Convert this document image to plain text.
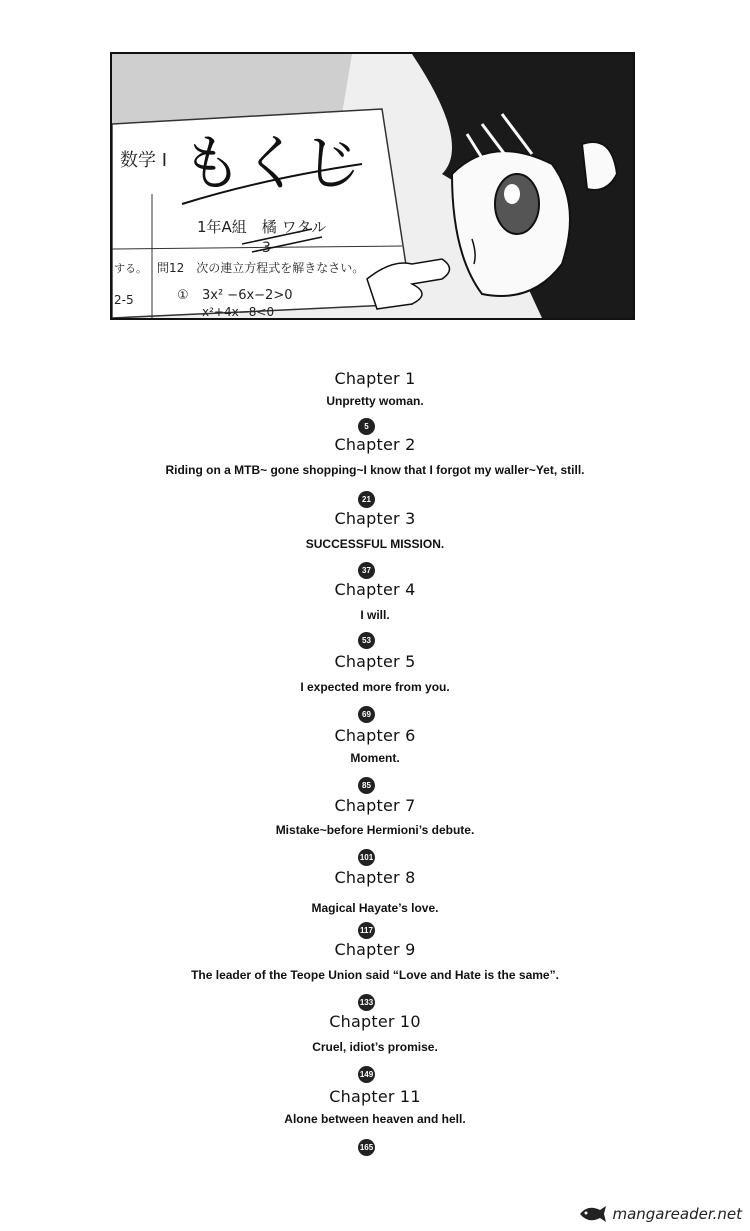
もくじ
数学 I
1年A組　橘 ワタル
3
問12　次の連立方程式を解きなさい。
する。
2-5	① 3x² −6x−2>0
x²+4x−8<0
Chapter 1
Unpretty woman.
5
Chapter 2
Riding on a MTB~ gone shopping~I know that I forgot my waller~Yet, still.
21
Chapter 3
SUCCESSFUL MISSION.
37
Chapter 4
I will.
53
Chapter 5
I expected more from you.
69
Chapter 6
Moment.
85
Chapter 7
Mistake~before Hermioni’s debute.
101
Chapter 8
Magical Hayate’s love.
117
Chapter 9
The leader of the Teope Union said “Love and Hate is the same”.
133
Chapter 10
Cruel, idiot’s promise.
149
Chapter 11
Alone between heaven and hell.
165
mangareader.net
